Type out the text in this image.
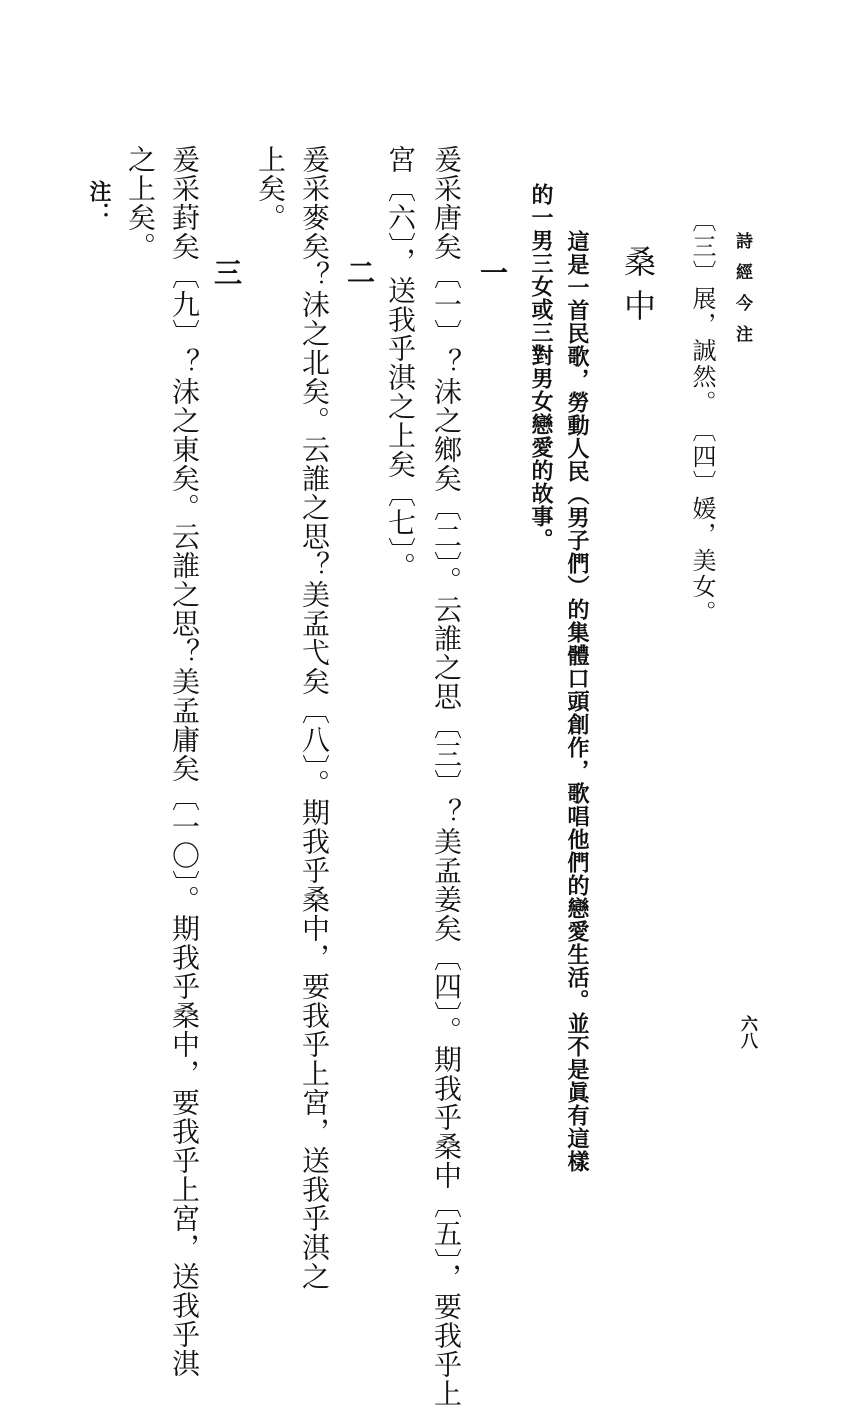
詩經今注
六八
〔三〕展，誠然。　〔四〕媛，美女。
桑中
這是一首民歌，勞動人民（男子們）的集體口頭創作，歌唱他們的戀愛生活。並不是眞有這樣
的一男三女或三對男女戀愛的故事。
一
爰采唐矣〔一〕？沬之鄉矣〔二〕。云誰之思〔三〕？美孟姜矣〔四〕。期我乎桑中〔五〕，要我乎上
宮〔六〕，送我乎淇之上矣〔七〕。
二
爰采麥矣？沬之北矣。云誰之思？美孟弋矣〔八〕。期我乎桑中，要我乎上宮，送我乎淇之
上矣。
三
爰采葑矣〔九〕？沬之東矣。云誰之思？美孟庸矣〔一〇〕。期我乎桑中，要我乎上宮，送我乎淇
之上矣。
注：
